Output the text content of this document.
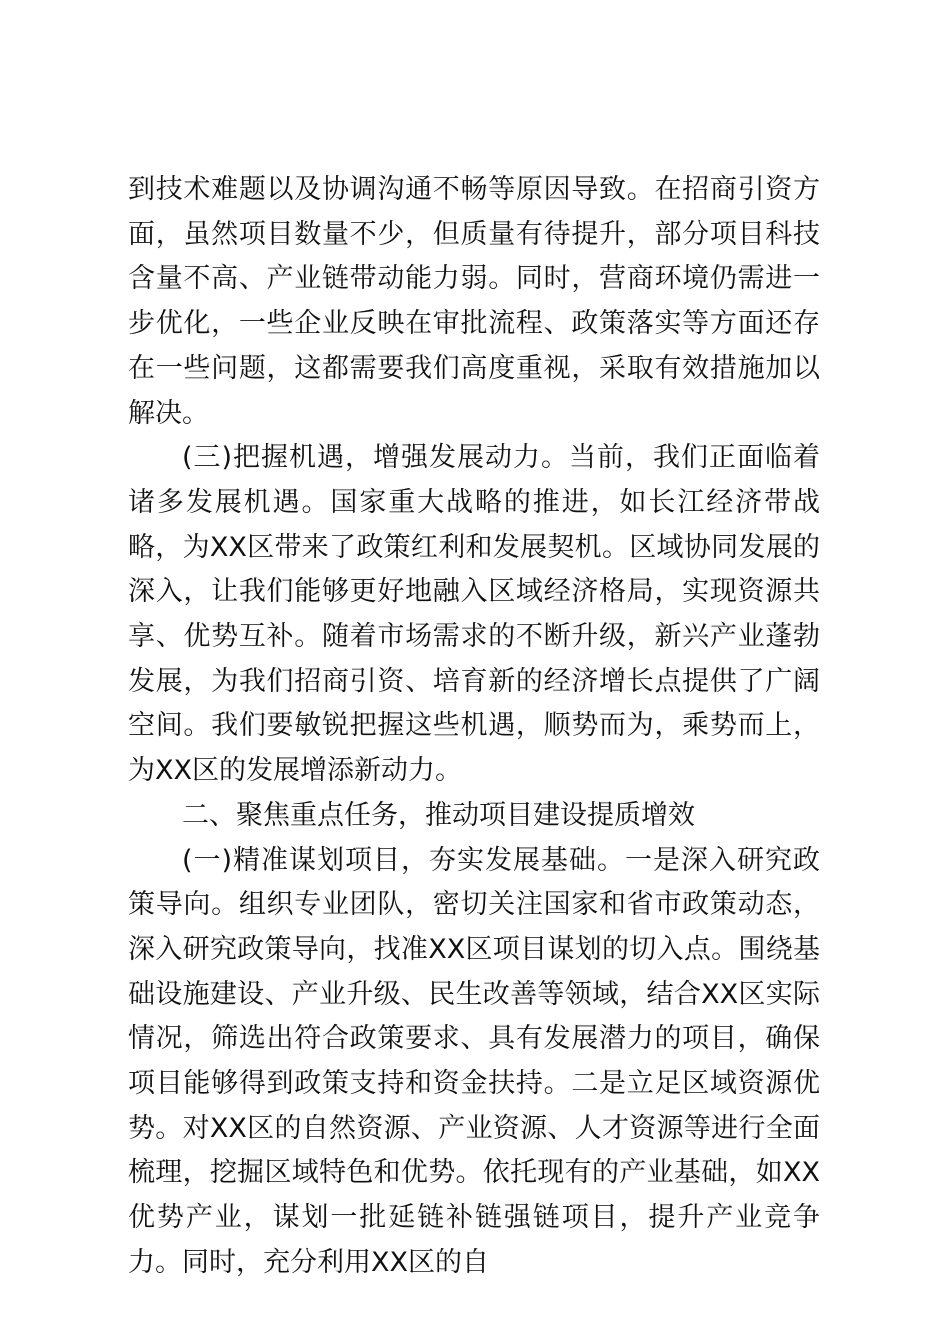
到技术难题以及协调沟通不畅等原因导致。在招商引资方面，虽然项目数量不少，但质量有待提升，部分项目科技含量不高、产业链带动能力弱。同时，营商环境仍需进一步优化，一些企业反映在审批流程、政策落实等方面还存在一些问题，这都需要我们高度重视，采取有效措施加以解决。

(三)把握机遇，增强发展动力。当前，我们正面临着诸多发展机遇。国家重大战略的推进，如长江经济带战略，为XX区带来了政策红利和发展契机。区域协同发展的深入，让我们能够更好地融入区域经济格局，实现资源共享、优势互补。随着市场需求的不断升级，新兴产业蓬勃发展，为我们招商引资、培育新的经济增长点提供了广阔空间。我们要敏锐把握这些机遇，顺势而为，乘势而上，为XX区的发展增添新动力。

二、聚焦重点任务，推动项目建设提质增效

(一)精准谋划项目，夯实发展基础。一是深入研究政策导向。组织专业团队，密切关注国家和省市政策动态，深入研究政策导向，找准XX区项目谋划的切入点。围绕基础设施建设、产业升级、民生改善等领域，结合XX区实际情况，筛选出符合政策要求、具有发展潜力的项目，确保项目能够得到政策支持和资金扶持。二是立足区域资源优势。对XX区的自然资源、产业资源、人才资源等进行全面梳理，挖掘区域特色和优势。依托现有的产业基础，如XX优势产业，谋划一批延链补链强链项目，提升产业竞争力。同时，充分利用XX区的自
